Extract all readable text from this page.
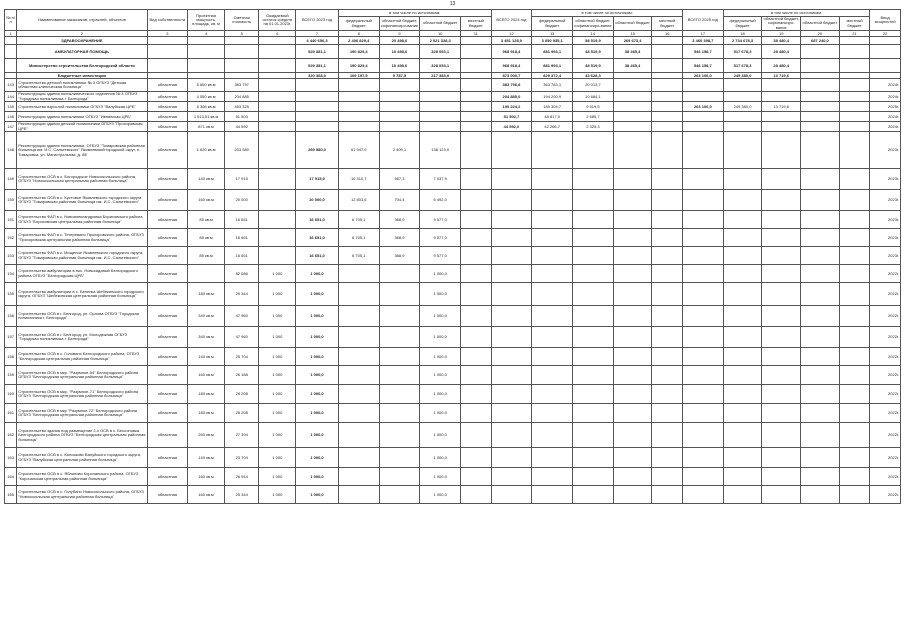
13
№ п/п	Наименование заказчиков, отраслей, объектов	Вид собственности	Проектная мощность, площадь, кв. м	Сметная стоимость	Ожидаемый остаток средств на 01.01.2023г.	ВСЕГО 2023 год	в том числе по источникам:				ВСЕГО 2024 год	в том числе по источникам:				ВСЕГО 2025 год	в том числе по источникам:				Ввод мощностей
							федеральный бюджет	областной бюджет, софинансиро-вание	областной бюджет	местный бюджет		федеральный бюджет	областной бюджет, софинансиро-вание	областной бюджет	местный бюджет		федеральный бюджет	областной бюджет, софинансиро-вание	областной бюджет	местный бюджет	
1	2	3	4	5	6	7	8	9	10	11	12	13	14	15	16	17	18	19	20	21	22
	ЗДРАВООХРАНЕНИЕ					4 440 656,3	2 406 829,4	20 498,6	2 021 328,3		3 451 128,0	3 050 935,1	58 519,9	269 673,4		3 460 398,7	2 734 678,3	38 480,4	687 240,0		
	АМБУЛАТОРНАЯ ПОМОЩЬ					529 381,1	190 829,4	10 498,6	328 053,1		968 918,4	881 993,1	48 519,9	38 465,4		546 158,7	517 678,3	28 480,4			
	Министерство строительства Белгородской области					529 381,1	190 829,4	10 498,6	328 053,1		968 918,4	881 993,1	48 519,9	38 465,4		546 158,7	517 678,3	28 480,4			
	Бюджетные инвестиции					320 368,0	109 197,9	5 787,5	217 383,0		873 000,7	829 372,4	43 628,3			263 100,0	249 380,0	13 719,6			
143	Строительство детской поликлиники № 3 ОГБУЗ "Детская областная клиническая больница"	областная	5 600 кв.м	383 797							383 796,8	363 783,1	20 013,7								2024г.
144	Реконструкция здания поликлинического отделения № 4 ОГБУЗ "Городская поликлиника г. Белгорода"	областная	4 550 кв.м	204 885							204 885,0	194 200,9	10 684,1								2024г.
145	Строительство взрослой поликлиники ОГБУЗ "Валуйская ЦРБ"	областная	6 308 кв.м	453 325							190 224,2	180 304,7	9 919,5			263 100,0	249 380,0	13 719,6			2025г.
146	Реконструкция здания поликлиники ОГБУЗ "Ивнянская ЦРБ"	областная	1 513,51 кв.м	51 503							51 502,7	48 817,0	2 685,7								2024г.
147	Реконструкция здания детской поликлиники ОГБУЗ "Прохоровская ЦРБ"	областная	871 кв.м	44 592							44 592,0	42 266,7	2 325,3								2024г.
148	Реконструкция здания поликлиники, ОГБУЗ "Томаровская районная больница им. И.С. Сальтевского" Яковлевский городской округ, п. Томаровка, ул. Магистральная, д. 8Е	областная	1 620 кв.м	203 580		269 580,0	61 947,9	2 409,1	138 123,0												2023г.
149	Строительство ОСВ в с. Богородское Новооскольского района, ОГБУЗ "Новооскольская центральная районная больница"	областная	140 кв.м	17 915		17 915,9	10 310,7	567,3	7 037,9												2023г.
150	Строительство ОСВ в с. Кустовое Яковлевского городского округа ОГБУЗ "Томаровская районная больница им. И.С. Сальтевского"	областная	160 кв.м	20 000		20 000,0	12 803,6	704,4	6 492,0												2023г.
151	Строительство ФАП в с. Новоалександровка Борисовского района ОГБУЗ "Борисовская центральная районная больница"	областная	85 кв.м	16 651		16 651,0	6 705,1	368,9	9 577,0												2023г.
152	Строительство ФАП в с. Тетеревино Прохоровского района, ОГБУЗ "Прохоровская центральная районная больница"	областная	85 кв.м	16 651		16 651,0	6 705,1	368,9	9 577,0												2023г.
153	Строительство ФАП в с. Мощеное Яковлевского городского округа, ОГБУЗ "Томаровская районная больница им. И.С. Сальтевского"	областная	85 кв.м	16 651		16 651,0	6 705,1	368,9	9 577,0												2023г.
154	Строительство амбулатории в пос. Новосадовый Белгородского района ОГБУЗ "Белгородская ЦРБ"	областная		82 086	1 000	1 000,0			1 000,0												2022г.
155	Строительство амбулатории в с. Беленка Шебекинского городского округа, ОГБУЗ "Шебекинская центральная районная больница"	областная	180 кв.м	29 344	1 000	1 000,0			1 000,0												2022г.
156	Строительство ОСВ в г. Белгород, ул. Орлова ОГБУЗ "Городская поликлиника г. Белгорода"	областная	340 кв.м	47 960	1 000	1 000,0			1 000,0												2022г.
157	Строительство ОСВ в г. Белгород, ул. Молодежная ОГБУЗ "Городская поликлиника г. Белгорода"	областная	340 кв.м	47 960	1 000	1 000,0			1 000,0												2022г.
158	Строительство ОСВ в с. Головино Белгородского района, ОГБУЗ "Белгородская центральная районная больница"	областная	140 кв.м	25 704	1 000	1 000,0			1 000,0												2022г.
159	Строительство ОСВ в мкр. "Разумное-54" Белгородского района ОГБУЗ "Белгородская центральная районная больница"	областная	160 кв.м	26 188	1 000	1 000,0			1 000,0												2022г.
160	Строительство ОСВ в мкр. "Разумное-71" Белгородского района ОГБУЗ "Белгородская центральная районная больница"	областная	180 кв.м	28 208	1 000	1 000,0			1 000,0												2022г.
161	Строительство ОСВ в мкр "Разумное-72" Белгородского района ОГБУЗ "Белгородская центральная районная больница"	областная	180 кв.м	28 208	1 000	1 000,0			1 000,0												2022г.
162	Строительство здания под размещение 2-х ОСВ в с. Бессоновка Белгородского района ОГБУЗ "Белгородская центральная районная больница"	областная	260 кв.м	27 394	1 000	1 000,0			1 000,0												2022г.
163	Строительство ОСВ в с. Колосково Валуйского городского округа, ОГБУЗ "Валуйская центральная районная больница"	областная	140 кв.м	23 704	1 000	1 000,0			1 000,0												2022г.
164	Строительство ОСВ в с. Яблоново Корочанского района, ОГБУЗ "Корочанская центральная районная больница"	областная	160 кв.м	26 944	1 000	1 000,0			1 000,0												2022г.
165	Строительство ОСВ в с. Голубино Новооскольского района, ОГБУЗ "Новооскольская центральная районная больница"	областная	160 кв.м	25 344	1 000	1 000,0			1 000,0												2022г.
